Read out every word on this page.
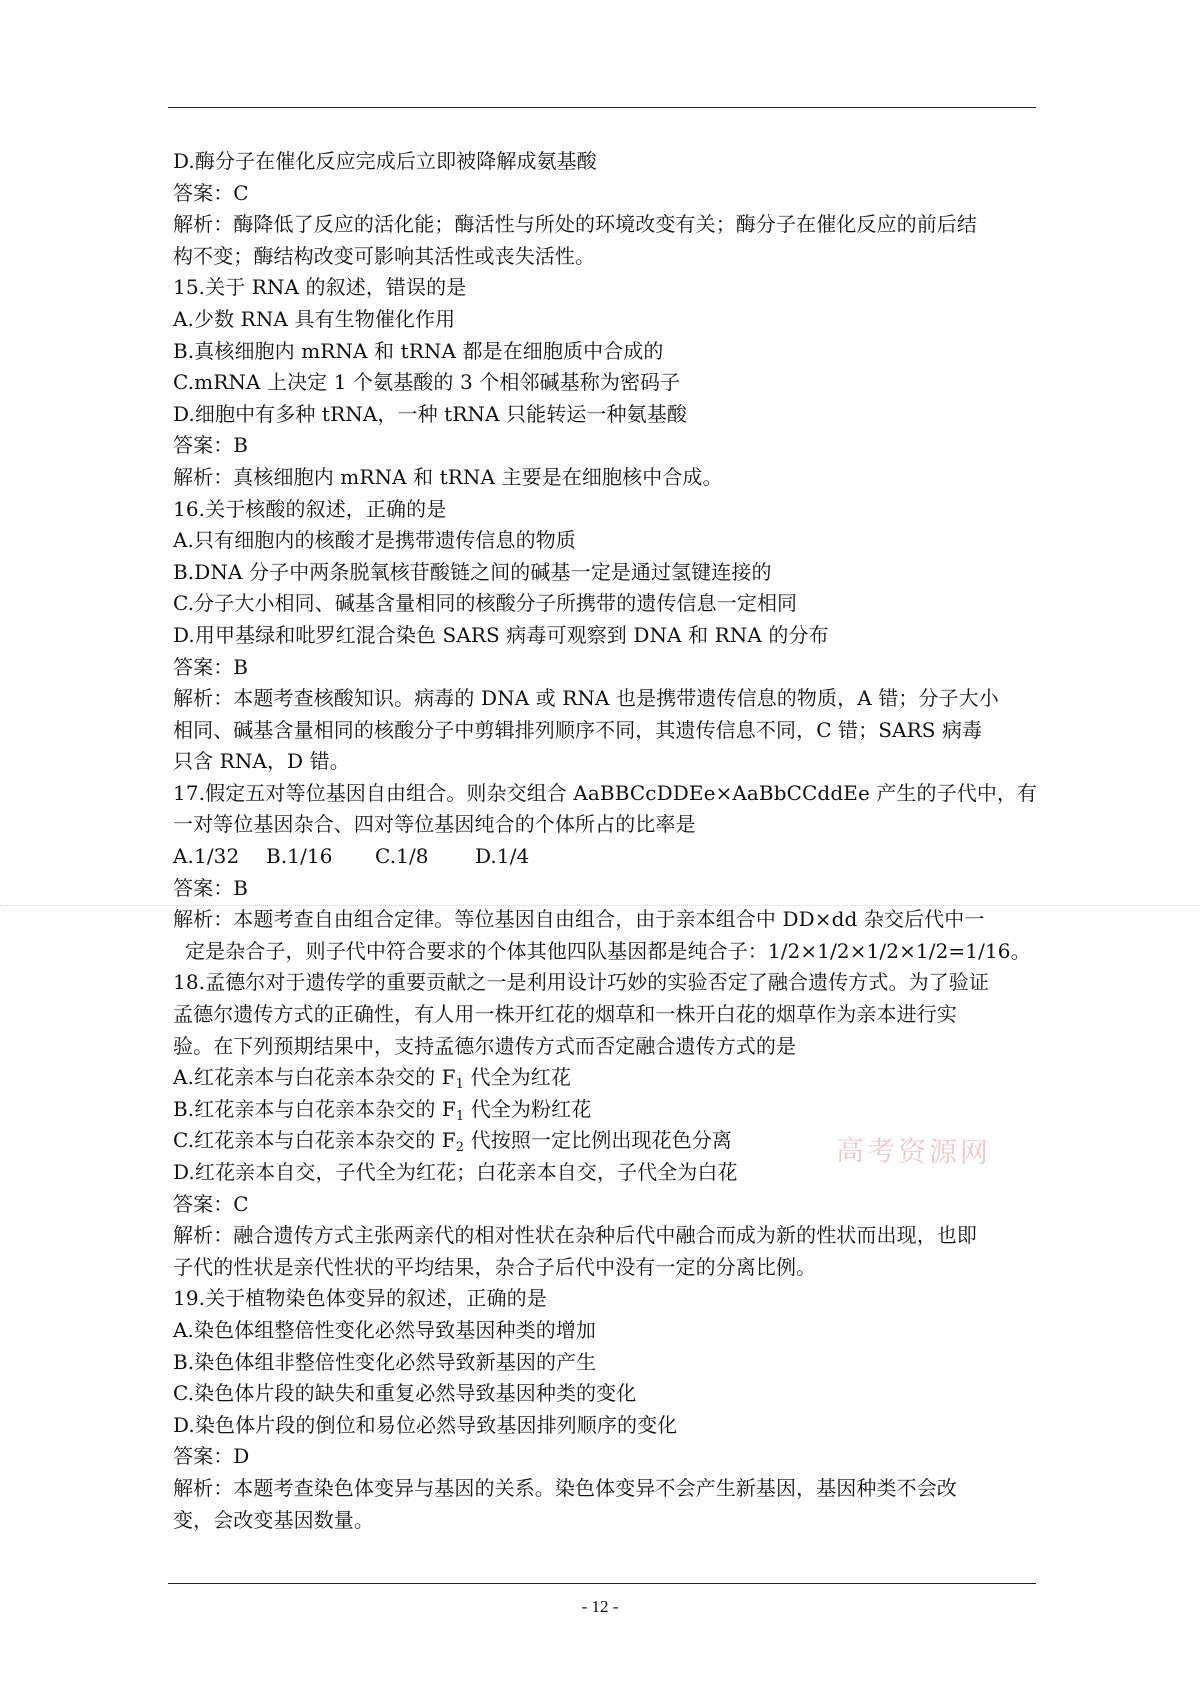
D.酶分子在催化反应完成后立即被降解成氨基酸
答案：C
解析：酶降低了反应的活化能；酶活性与所处的环境改变有关；酶分子在催化反应的前后结
构不变；酶结构改变可影响其活性或丧失活性。
15.关于 RNA 的叙述，错误的是
A.少数 RNA 具有生物催化作用
B.真核细胞内 mRNA 和 tRNA 都是在细胞质中合成的
C.mRNA 上决定 1 个氨基酸的 3 个相邻碱基称为密码子
D.细胞中有多种 tRNA，一种 tRNA 只能转运一种氨基酸
答案：B
解析：真核细胞内 mRNA 和 tRNA 主要是在细胞核中合成。
16.关于核酸的叙述，正确的是
A.只有细胞内的核酸才是携带遗传信息的物质
B.DNA 分子中两条脱氧核苷酸链之间的碱基一定是通过氢键连接的
C.分子大小相同、碱基含量相同的核酸分子所携带的遗传信息一定相同
D.用甲基绿和吡罗红混合染色 SARS 病毒可观察到 DNA 和 RNA 的分布
答案：B
解析：本题考查核酸知识。病毒的 DNA 或 RNA 也是携带遗传信息的物质，A 错；分子大小
相同、碱基含量相同的核酸分子中剪辑排列顺序不同，其遗传信息不同，C 错；SARS 病毒
只含 RNA，D 错。
17.假定五对等位基因自由组合。则杂交组合 AaBBCcDDEe×AaBbCCddEe 产生的子代中，有
一对等位基因杂合、四对等位基因纯合的个体所占的比率是
A.1/32 B.1/16 C.1/8 D.1/4
答案：B
解析：本题考查自由组合定律。等位基因自由组合，由于亲本组合中 DD×dd 杂交后代中一
定是杂合子，则子代中符合要求的个体其他四队基因都是纯合子：1/2×1/2×1/2×1/2=1/16。
18.孟德尔对于遗传学的重要贡献之一是利用设计巧妙的实验否定了融合遗传方式。为了验证
孟德尔遗传方式的正确性，有人用一株开红花的烟草和一株开白花的烟草作为亲本进行实
验。在下列预期结果中，支持孟德尔遗传方式而否定融合遗传方式的是
A.红花亲本与白花亲本杂交的 $F_1$ 代全为红花
B.红花亲本与白花亲本杂交的 $F_1$ 代全为粉红花
C.红花亲本与白花亲本杂交的 $F_2$ 代按照一定比例出现花色分离
D.红花亲本自交，子代全为红花；白花亲本自交，子代全为白花
答案：C
解析：融合遗传方式主张两亲代的相对性状在杂种后代中融合而成为新的性状而出现，也即
子代的性状是亲代性状的平均结果，杂合子后代中没有一定的分离比例。
19.关于植物染色体变异的叙述，正确的是
A.染色体组整倍性变化必然导致基因种类的增加
B.染色体组非整倍性变化必然导致新基因的产生
C.染色体片段的缺失和重复必然导致基因种类的变化
D.染色体片段的倒位和易位必然导致基因排列顺序的变化
答案：D
解析：本题考查染色体变异与基因的关系。染色体变异不会产生新基因，基因种类不会改
变，会改变基因数量。
高考资源网
- 12 -
